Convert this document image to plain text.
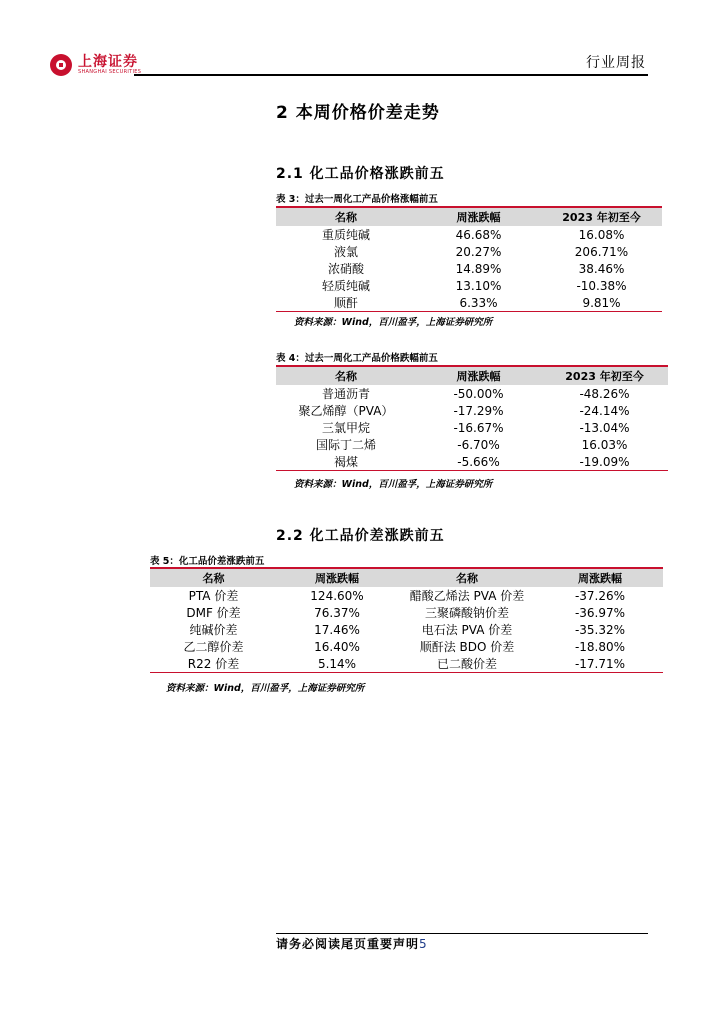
上海证券
SHANGHAI SECURITIES
行业周报
2 本周价格价差走势
2.1 化工品价格涨跌前五
表 3：过去一周化工产品价格涨幅前五
名称	周涨跌幅	2023 年初至今
重质纯碱	46.68%	16.08%
液氯	20.27%	206.71%
浓硝酸	14.89%	38.46%
轻质纯碱	13.10%	-10.38%
顺酐	6.33%	9.81%
资料来源：Wind，百川盈孚，上海证券研究所
表 4：过去一周化工产品价格跌幅前五
名称	周涨跌幅	2023 年初至今
普通沥青	-50.00%	-48.26%
聚乙烯醇（PVA）	-17.29%	-24.14%
三氯甲烷	-16.67%	-13.04%
国际丁二烯	-6.70%	16.03%
褐煤	-5.66%	-19.09%
资料来源：Wind，百川盈孚，上海证券研究所
2.2 化工品价差涨跌前五
表 5：化工品价差涨跌前五
名称	周涨跌幅	名称	周涨跌幅
PTA 价差	124.60%	醋酸乙烯法 PVA 价差	-37.26%
DMF 价差	76.37%	三聚磷酸钠价差	-36.97%
纯碱价差	17.46%	电石法 PVA 价差	-35.32%
乙二醇价差	16.40%	顺酐法 BDO 价差	-18.80%
R22 价差	5.14%	已二酸价差	-17.71%
资料来源：Wind，百川盈孚，上海证券研究所
请务必阅读尾页重要声明5
